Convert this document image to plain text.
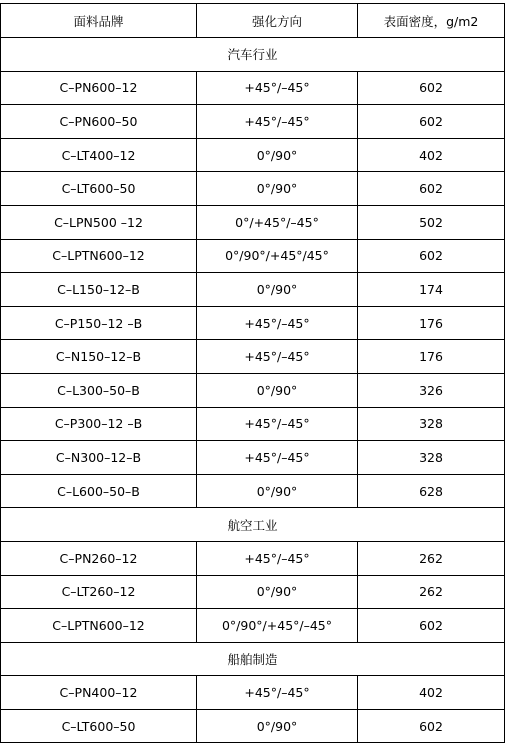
面料品牌	强化方向	表面密度，g/m2
汽车行业		
C–PN600–12	+45°/–45°	602
C–PN600–50	+45°/–45°	602
C–LT400–12	0°/90°	402
C–LT600–50	0°/90°	602
C–LPN500 –12	0°/+45°/–45°	502
C–LPTN600–12	0°/90°/+45°/45°	602
C–L150–12–B	0°/90°	174
C–P150–12 –B	+45°/–45°	176
C–N150–12–B	+45°/–45°	176
C–L300–50–B	0°/90°	326
C–P300–12 –B	+45°/–45°	328
C–N300–12–B	+45°/–45°	328
C–L600–50–B	0°/90°	628
航空工业		
C–PN260–12	+45°/–45°	262
C–LT260–12	0°/90°	262
C–LPTN600–12	0°/90°/+45°/–45°	602
船舶制造		
C–PN400–12	+45°/–45°	402
C–LT600–50	0°/90°	602
